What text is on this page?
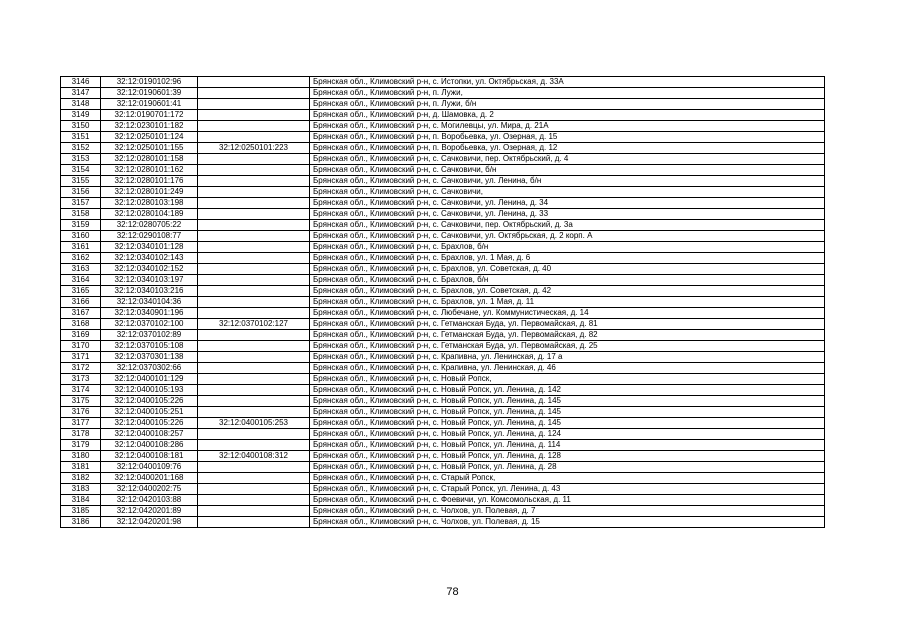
3146	32:12:0190102:96		Брянская обл., Климовский р-н, с. Истопки, ул. Октябрьская, д. 33А
3147	32:12:0190601:39		Брянская обл., Климовский р-н, п. Лужи,
3148	32:12:0190601:41		Брянская обл., Климовский р-н, п. Лужи, б/н
3149	32:12:0190701:172		Брянская обл., Климовский р-н, д. Шамовка, д. 2
3150	32:12:0230101:182		Брянская обл., Климовский р-н, с. Могилевцы, ул. Мира, д. 21А
3151	32:12:0250101:124		Брянская обл., Климовский р-н, п. Воробьевка, ул. Озерная, д. 15
3152	32:12:0250101:155	32:12:0250101:223	Брянская обл., Климовский р-н, п. Воробьевка, ул. Озерная, д. 12
3153	32:12:0280101:158		Брянская обл., Климовский р-н, с. Сачковичи, пер. Октябрьский, д. 4
3154	32:12:0280101:162		Брянская обл., Климовский р-н, с. Сачковичи, б/н
3155	32:12:0280101:176		Брянская обл., Климовский р-н, с. Сачковичи, ул. Ленина, б/н
3156	32:12:0280101:249		Брянская обл., Климовский р-н, с. Сачковичи,
3157	32:12:0280103:198		Брянская обл., Климовский р-н, с. Сачковичи, ул. Ленина, д. 34
3158	32:12:0280104:189		Брянская обл., Климовский р-н, с. Сачковичи, ул. Ленина, д. 33
3159	32:12:0280705:22		Брянская обл., Климовский р-н, с. Сачковичи, пер. Октябрьский, д. 3а
3160	32:12:0290108:77		Брянская обл., Климовский р-н, с. Сачковичи, ул. Октябрьская, д. 2 корп. А
3161	32:12:0340101:128		Брянская обл., Климовский р-н, с. Брахлов, б/н
3162	32:12:0340102:143		Брянская обл., Климовский р-н, с. Брахлов, ул. 1 Мая, д. 6
3163	32:12:0340102:152		Брянская обл., Климовский р-н, с. Брахлов, ул. Советская, д. 40
3164	32:12:0340103:197		Брянская обл., Климовский р-н, с. Брахлов, б/н
3165	32:12:0340103:216		Брянская обл., Климовский р-н, с. Брахлов, ул. Советская, д. 42
3166	32:12:0340104:36		Брянская обл., Климовский р-н, с. Брахлов, ул. 1 Мая, д. 11
3167	32:12:0340901:196		Брянская обл., Климовский р-н, с. Любечане, ул. Коммунистическая, д. 14
3168	32:12:0370102:100	32:12:0370102:127	Брянская обл., Климовский р-н, с. Гетманская Буда, ул. Первомайская, д. 81
3169	32:12:0370102:89		Брянская обл., Климовский р-н, с. Гетманская Буда, ул. Первомайская, д. 82
3170	32:12:0370105:108		Брянская обл., Климовский р-н, с. Гетманская Буда, ул. Первомайская, д. 25
3171	32:12:0370301:138		Брянская обл., Климовский р-н, с. Крапивна, ул. Ленинская, д. 17 а
3172	32:12:0370302:66		Брянская обл., Климовский р-н, с. Крапивна, ул. Ленинская, д. 46
3173	32:12:0400101:129		Брянская обл., Климовский р-н, с. Новый Ропск,
3174	32:12:0400105:193		Брянская обл., Климовский р-н, с. Новый Ропск, ул. Ленина, д. 142
3175	32:12:0400105:226		Брянская обл., Климовский р-н, с. Новый Ропск, ул. Ленина, д. 145
3176	32:12:0400105:251		Брянская обл., Климовский р-н, с. Новый Ропск, ул. Ленина, д. 145
3177	32:12:0400105:226	32:12:0400105:253	Брянская обл., Климовский р-н, с. Новый Ропск, ул. Ленина, д. 145
3178	32:12:0400108:257		Брянская обл., Климовский р-н, с. Новый Ропск, ул. Ленина, д. 124
3179	32:12:0400108:286		Брянская обл., Климовский р-н, с. Новый Ропск, ул. Ленина, д. 114
3180	32:12:0400108:181	32:12:0400108:312	Брянская обл., Климовский р-н, с. Новый Ропск, ул. Ленина, д. 128
3181	32:12:0400109:76		Брянская обл., Климовский р-н, с. Новый Ропск, ул. Ленина, д. 28
3182	32:12:0400201:168		Брянская обл., Климовский р-н, с. Старый Ропск,
3183	32:12:0400202:75		Брянская обл., Климовский р-н, с. Старый Ропск, ул. Ленина, д. 43
3184	32:12:0420103:88		Брянская обл., Климовский р-н, с. Фоевичи, ул. Комсомольская, д. 11
3185	32:12:0420201:89		Брянская обл., Климовский р-н, с. Чолхов, ул. Полевая, д. 7
3186	32:12:0420201:98		Брянская обл., Климовский р-н, с. Чолхов, ул. Полевая, д. 15
78
